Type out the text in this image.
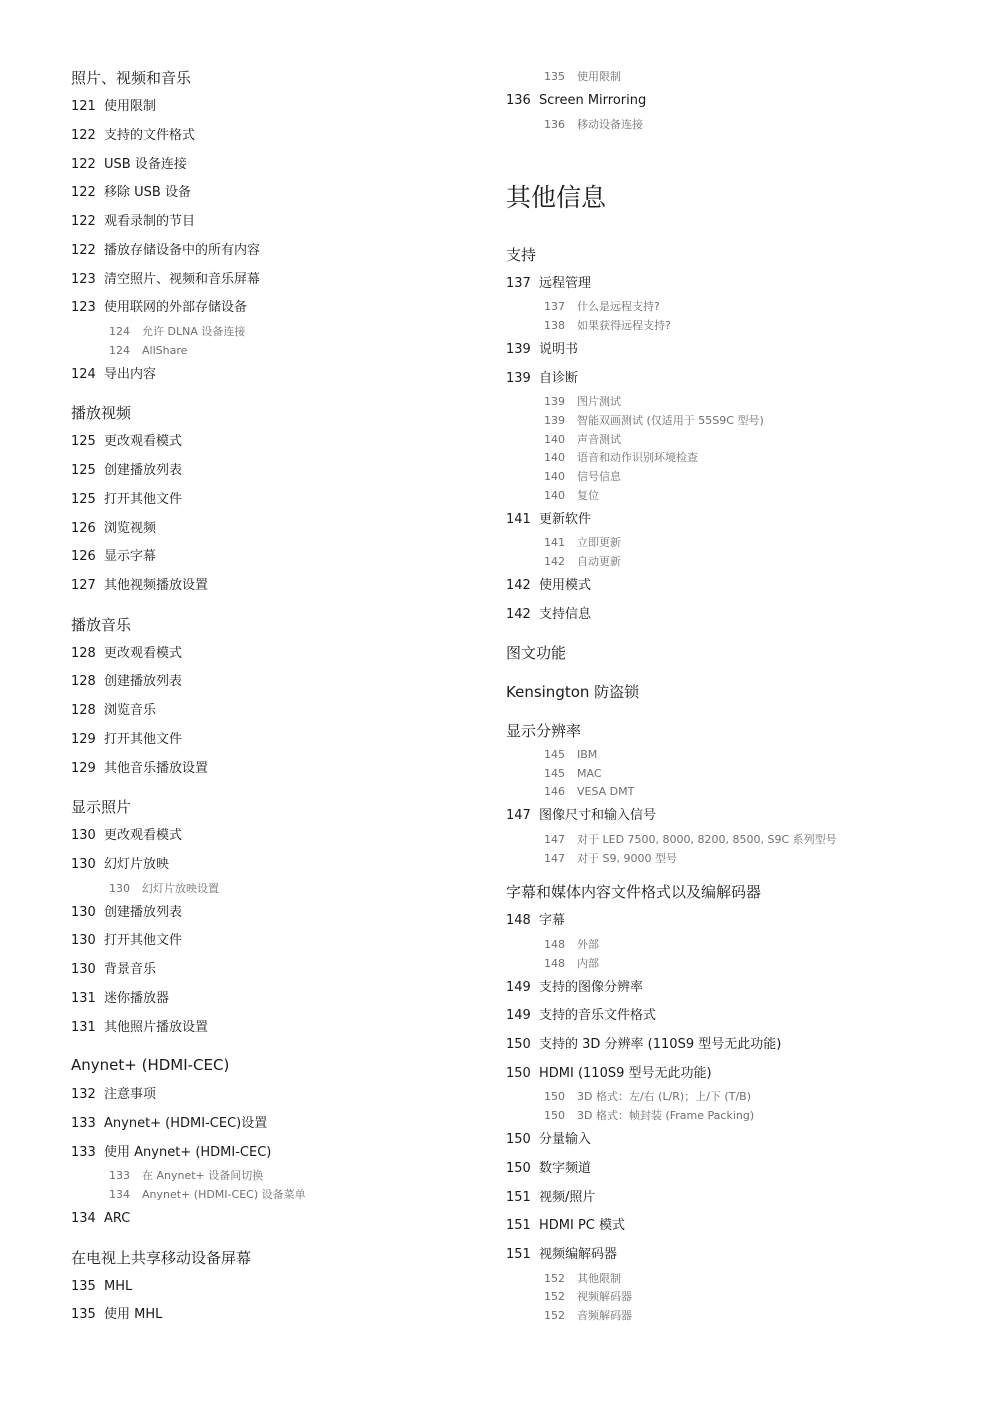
照片、视频和音乐
121 使用限制
122 支持的文件格式
122 USB 设备连接
122 移除 USB 设备
122 观看录制的节目
122 播放存储设备中的所有内容
123 清空照片、视频和音乐屏幕
123 使用联网的外部存储设备
124 允许 DLNA 设备连接
124 AllShare
124 导出内容
播放视频
125 更改观看模式
125 创建播放列表
125 打开其他文件
126 浏览视频
126 显示字幕
127 其他视频播放设置
播放音乐
128 更改观看模式
128 创建播放列表
128 浏览音乐
129 打开其他文件
129 其他音乐播放设置
显示照片
130 更改观看模式
130 幻灯片放映
130 幻灯片放映设置
130 创建播放列表
130 打开其他文件
130 背景音乐
131 迷你播放器
131 其他照片播放设置
Anynet+ (HDMI-CEC)
132 注意事项
133 Anynet+ (HDMI-CEC)设置
133 使用 Anynet+ (HDMI-CEC)
133 在 Anynet+ 设备间切换
134 Anynet+ (HDMI-CEC) 设备菜单
134 ARC
在电视上共享移动设备屏幕
135 MHL
135 使用 MHL
135 使用限制
136 Screen Mirroring
136 移动设备连接
其他信息
支持
137 远程管理
137 什么是远程支持?
138 如果获得远程支持?
139 说明书
139 自诊断
139 图片测试
139 智能双画测试 (仅适用于 55S9C 型号)
140 声音测试
140 语音和动作识别环境检查
140 信号信息
140 复位
141 更新软件
141 立即更新
142 自动更新
142 使用模式
142 支持信息
图文功能
Kensington 防盗锁
显示分辨率
145 IBM
145 MAC
146 VESA DMT
147 图像尺寸和输入信号
147 对于 LED 7500, 8000, 8200, 8500, S9C 系列型号
147 对于 S9, 9000 型号
字幕和媒体内容文件格式以及编解码器
148 字幕
148 外部
148 内部
149 支持的图像分辨率
149 支持的音乐文件格式
150 支持的 3D 分辨率 (110S9 型号无此功能)
150 HDMI (110S9 型号无此功能)
150 3D 格式：左/右 (L/R)；上/下 (T/B)
150 3D 格式：帧封装 (Frame Packing)
150 分量输入
150 数字频道
151 视频/照片
151 HDMI PC 模式
151 视频编解码器
152 其他限制
152 视频解码器
152 音频解码器
